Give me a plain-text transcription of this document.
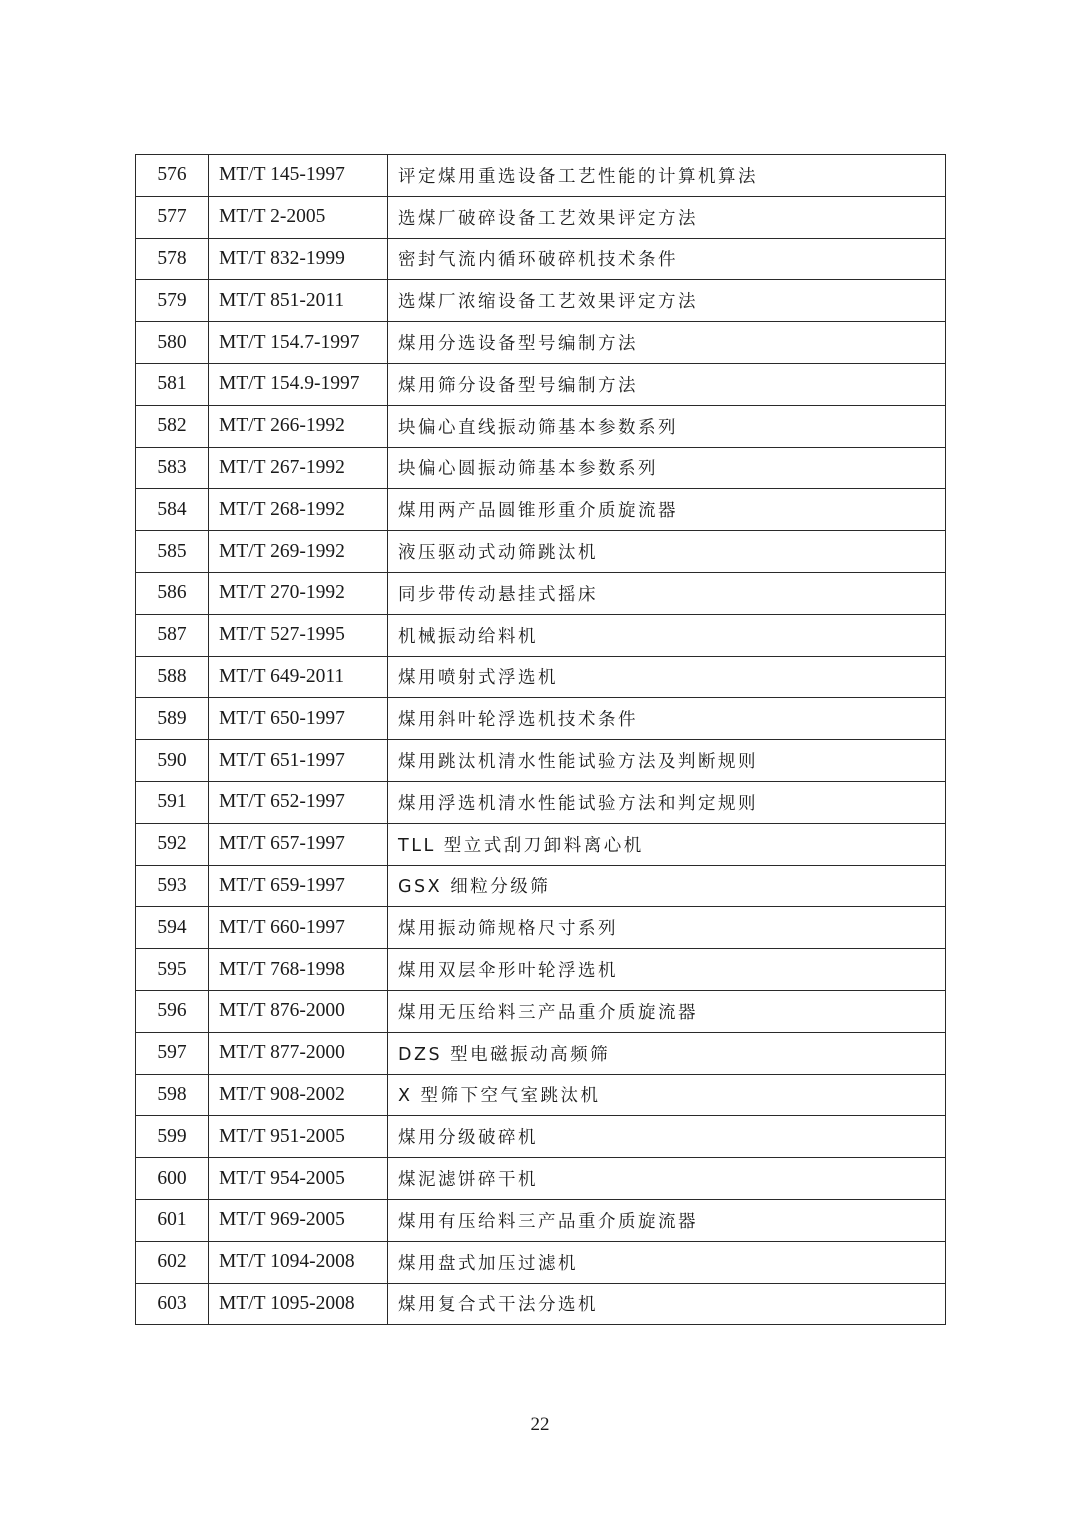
576	MT/T 145-1997	评定煤用重选设备工艺性能的计算机算法
577	MT/T 2-2005	选煤厂破碎设备工艺效果评定方法
578	MT/T 832-1999	密封气流内循环破碎机技术条件
579	MT/T 851-2011	选煤厂浓缩设备工艺效果评定方法
580	MT/T 154.7-1997	煤用分选设备型号编制方法
581	MT/T 154.9-1997	煤用筛分设备型号编制方法
582	MT/T 266-1992	块偏心直线振动筛基本参数系列
583	MT/T 267-1992	块偏心圆振动筛基本参数系列
584	MT/T 268-1992	煤用两产品圆锥形重介质旋流器
585	MT/T 269-1992	液压驱动式动筛跳汰机
586	MT/T 270-1992	同步带传动悬挂式摇床
587	MT/T 527-1995	机械振动给料机
588	MT/T 649-2011	煤用喷射式浮选机
589	MT/T 650-1997	煤用斜叶轮浮选机技术条件
590	MT/T 651-1997	煤用跳汰机清水性能试验方法及判断规则
591	MT/T 652-1997	煤用浮选机清水性能试验方法和判定规则
592	MT/T 657-1997	TLL 型立式刮刀卸料离心机
593	MT/T 659-1997	GSX 细粒分级筛
594	MT/T 660-1997	煤用振动筛规格尺寸系列
595	MT/T 768-1998	煤用双层伞形叶轮浮选机
596	MT/T 876-2000	煤用无压给料三产品重介质旋流器
597	MT/T 877-2000	DZS 型电磁振动高频筛
598	MT/T 908-2002	X 型筛下空气室跳汰机
599	MT/T 951-2005	煤用分级破碎机
600	MT/T 954-2005	煤泥滤饼碎干机
601	MT/T 969-2005	煤用有压给料三产品重介质旋流器
602	MT/T 1094-2008	煤用盘式加压过滤机
603	MT/T 1095-2008	煤用复合式干法分选机
22
